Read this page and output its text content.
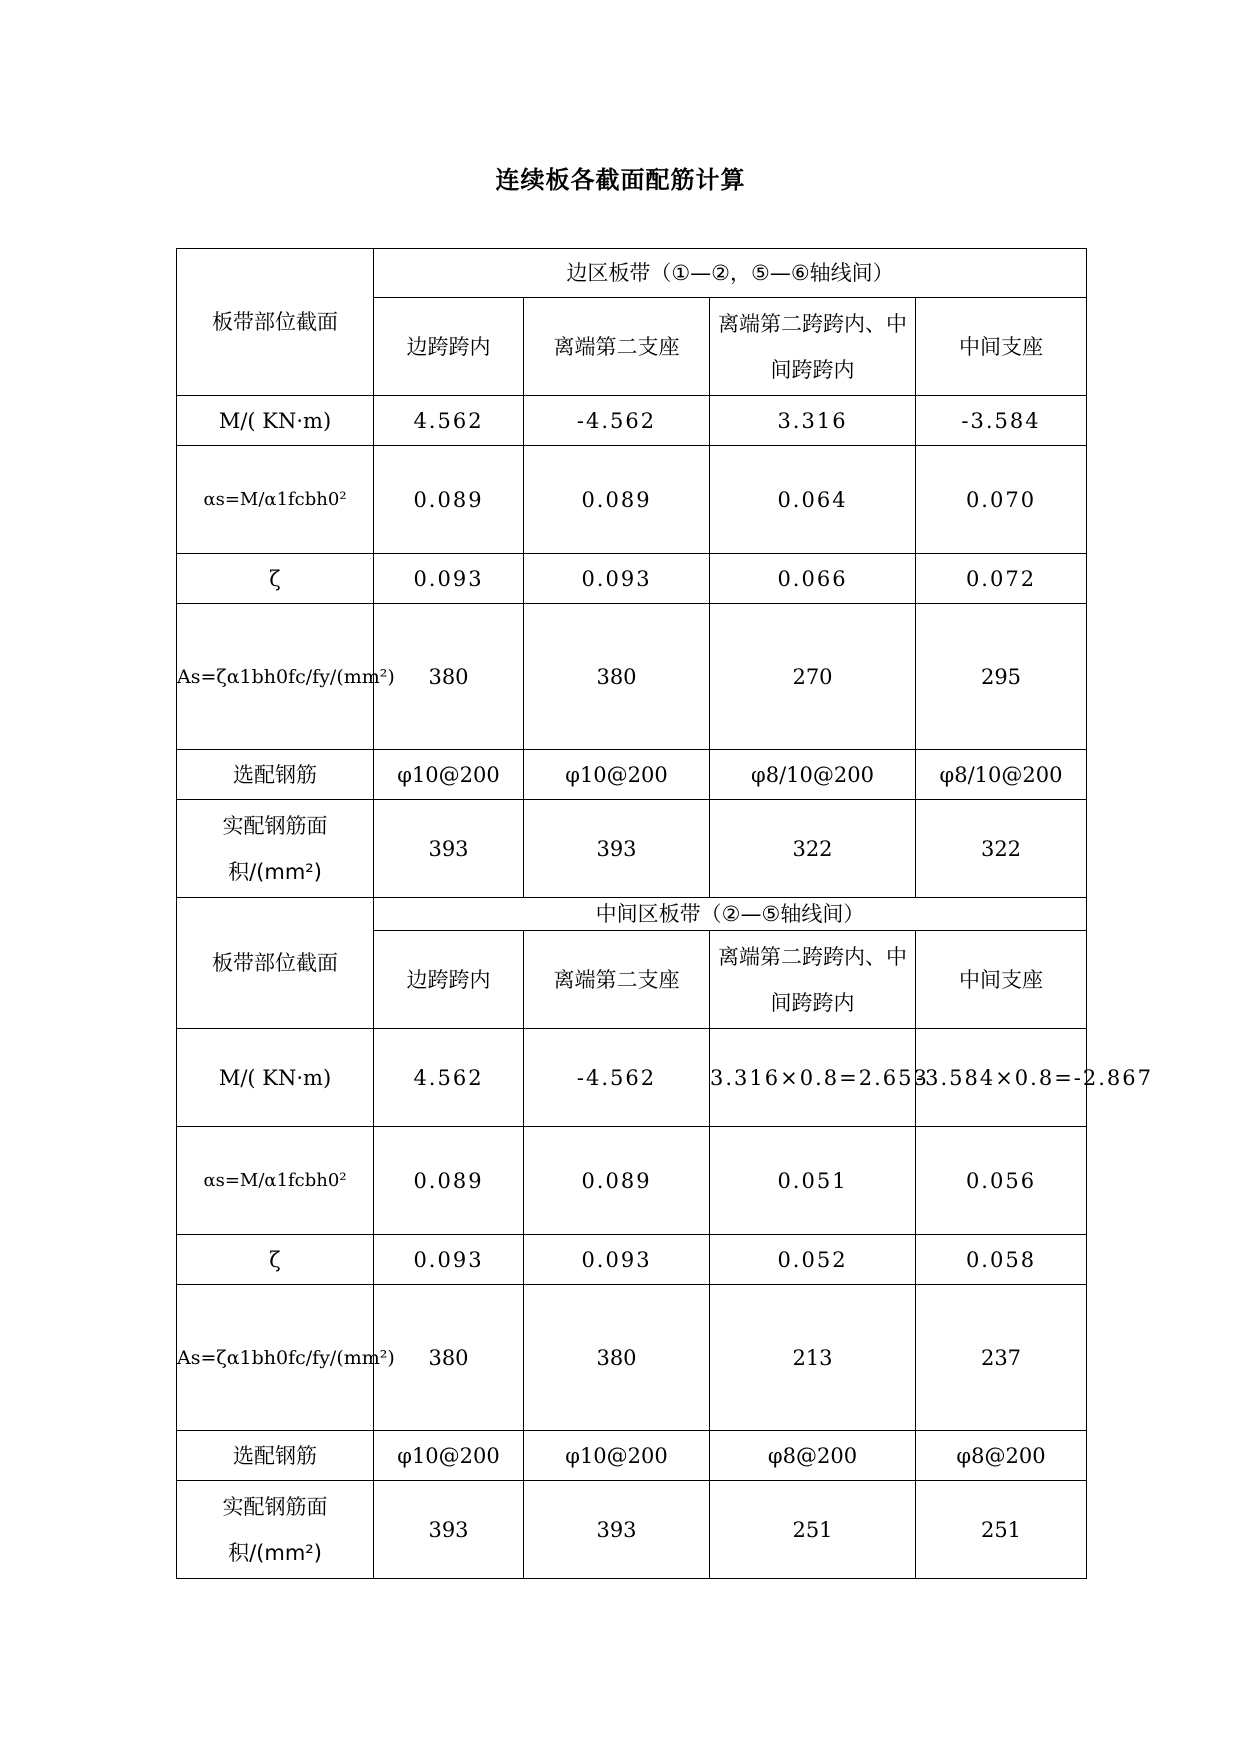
连续板各截面配筋计算
板带部位截面	边区板带（①—②，⑤—⑥轴线间）			
	边跨跨内	离端第二支座	离端第二跨跨内、中间跨跨内	中间支座
M/( KN·m)	4.562	-4.562	3.316	-3.584
αs=M/α1fcbh0²	0.089	0.089	0.064	0.070
ζ	0.093	0.093	0.066	0.072
As=ζα1bh0fc/fy/(mm²)	380	380	270	295
选配钢筋	φ10@200	φ10@200	φ8/10@200	φ8/10@200
实配钢筋面积/(mm²)	393	393	322	322
板带部位截面	中间区板带（②—⑤轴线间）			
	边跨跨内	离端第二支座	离端第二跨跨内、中间跨跨内	中间支座
M/( KN·m)	4.562	-4.562	3.316×0.8=2.653	-3.584×0.8=-2.867
αs=M/α1fcbh0²	0.089	0.089	0.051	0.056
ζ	0.093	0.093	0.052	0.058
As=ζα1bh0fc/fy/(mm²)	380	380	213	237
选配钢筋	φ10@200	φ10@200	φ8@200	φ8@200
实配钢筋面积/(mm²)	393	393	251	251
